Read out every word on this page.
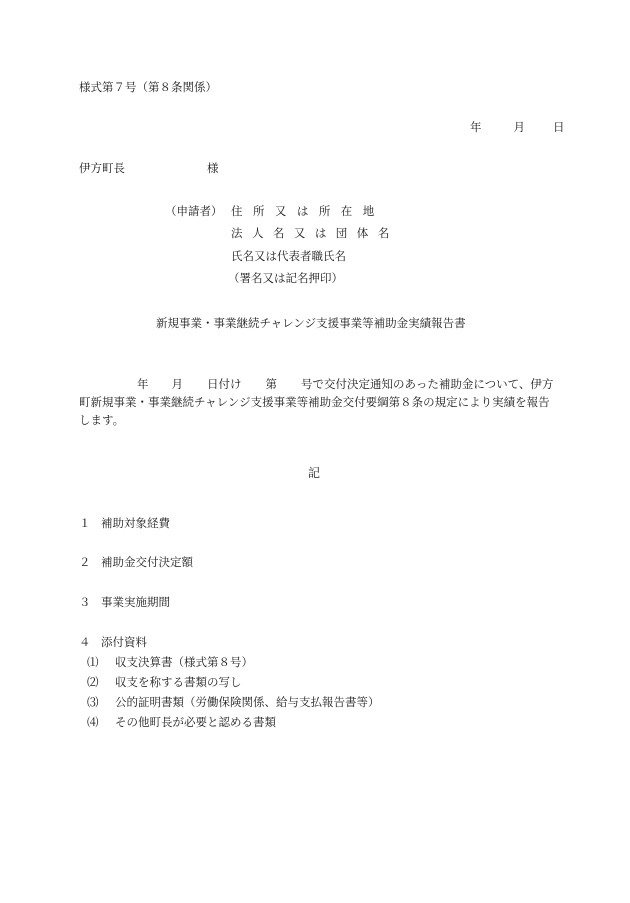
様式第７号（第８条関係）
年	月 日
伊方町長	様
（申請者） 住 所 又 は 所 在 地
法 人 名 又 は 団 体 名
氏名又は代表者職氏名
（署名又は記名押印）
新規事業・事業継続チャレンジ支援事業等補助金実績報告書
年 月 日付け 第 号で交付決定通知のあった補助金について、伊方
町新規事業・事業継続チャレンジ支援事業等補助金交付要綱第８条の規定により実績を報告
します。
記
１ 補助対象経費
２ 補助金交付決定額
３ 事業実施期間
４ 添付資料
⑴ 収支決算書（様式第８号）
⑵ 収支を称する書類の写し
⑶ 公的証明書類（労働保険関係、給与支払報告書等）
⑷ その他町長が必要と認める書類
